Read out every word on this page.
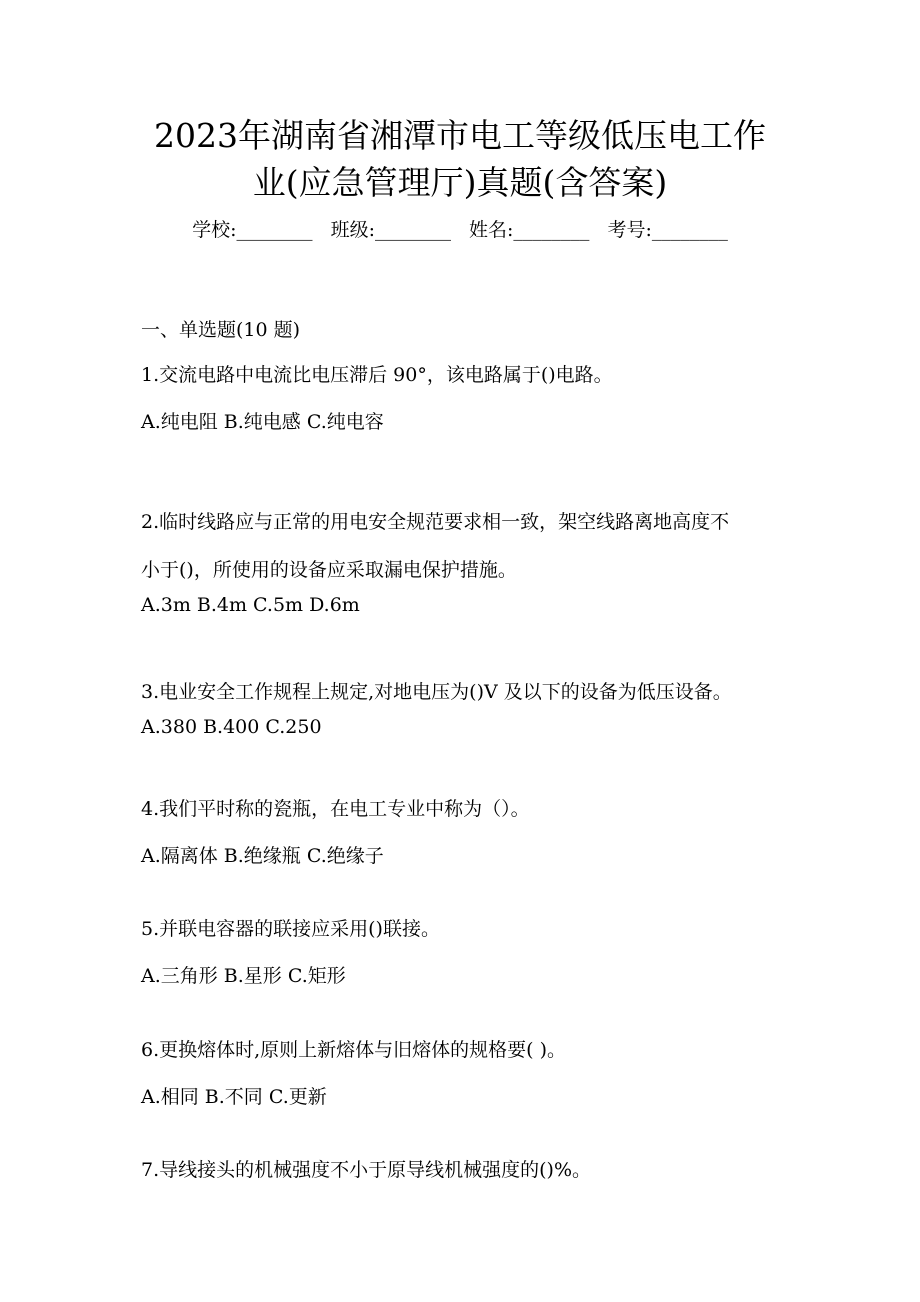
2023年湖南省湘潭市电工等级低压电工作
业(应急管理厅)真题(含答案)
学校:________ 班级:________ 姓名:________ 考号:________
一、单选题(10 题)
1.交流电路中电流比电压滞后 90°，该电路属于()电路。
A.纯电阻 B.纯电感 C.纯电容
2.临时线路应与正常的用电安全规范要求相一致，架空线路离地高度不
小于()，所使用的设备应采取漏电保护措施。
A.3m B.4m C.5m D.6m
3.电业安全工作规程上规定,对地电压为()V 及以下的设备为低压设备。
A.380 B.400 C.250
4.我们平时称的瓷瓶，在电工专业中称为（）。
A.隔离体 B.绝缘瓶 C.绝缘子
5.并联电容器的联接应采用()联接。
A.三角形 B.星形 C.矩形
6.更换熔体时,原则上新熔体与旧熔体的规格要( )。
A.相同 B.不同 C.更新
7.导线接头的机械强度不小于原导线机械强度的()%。
